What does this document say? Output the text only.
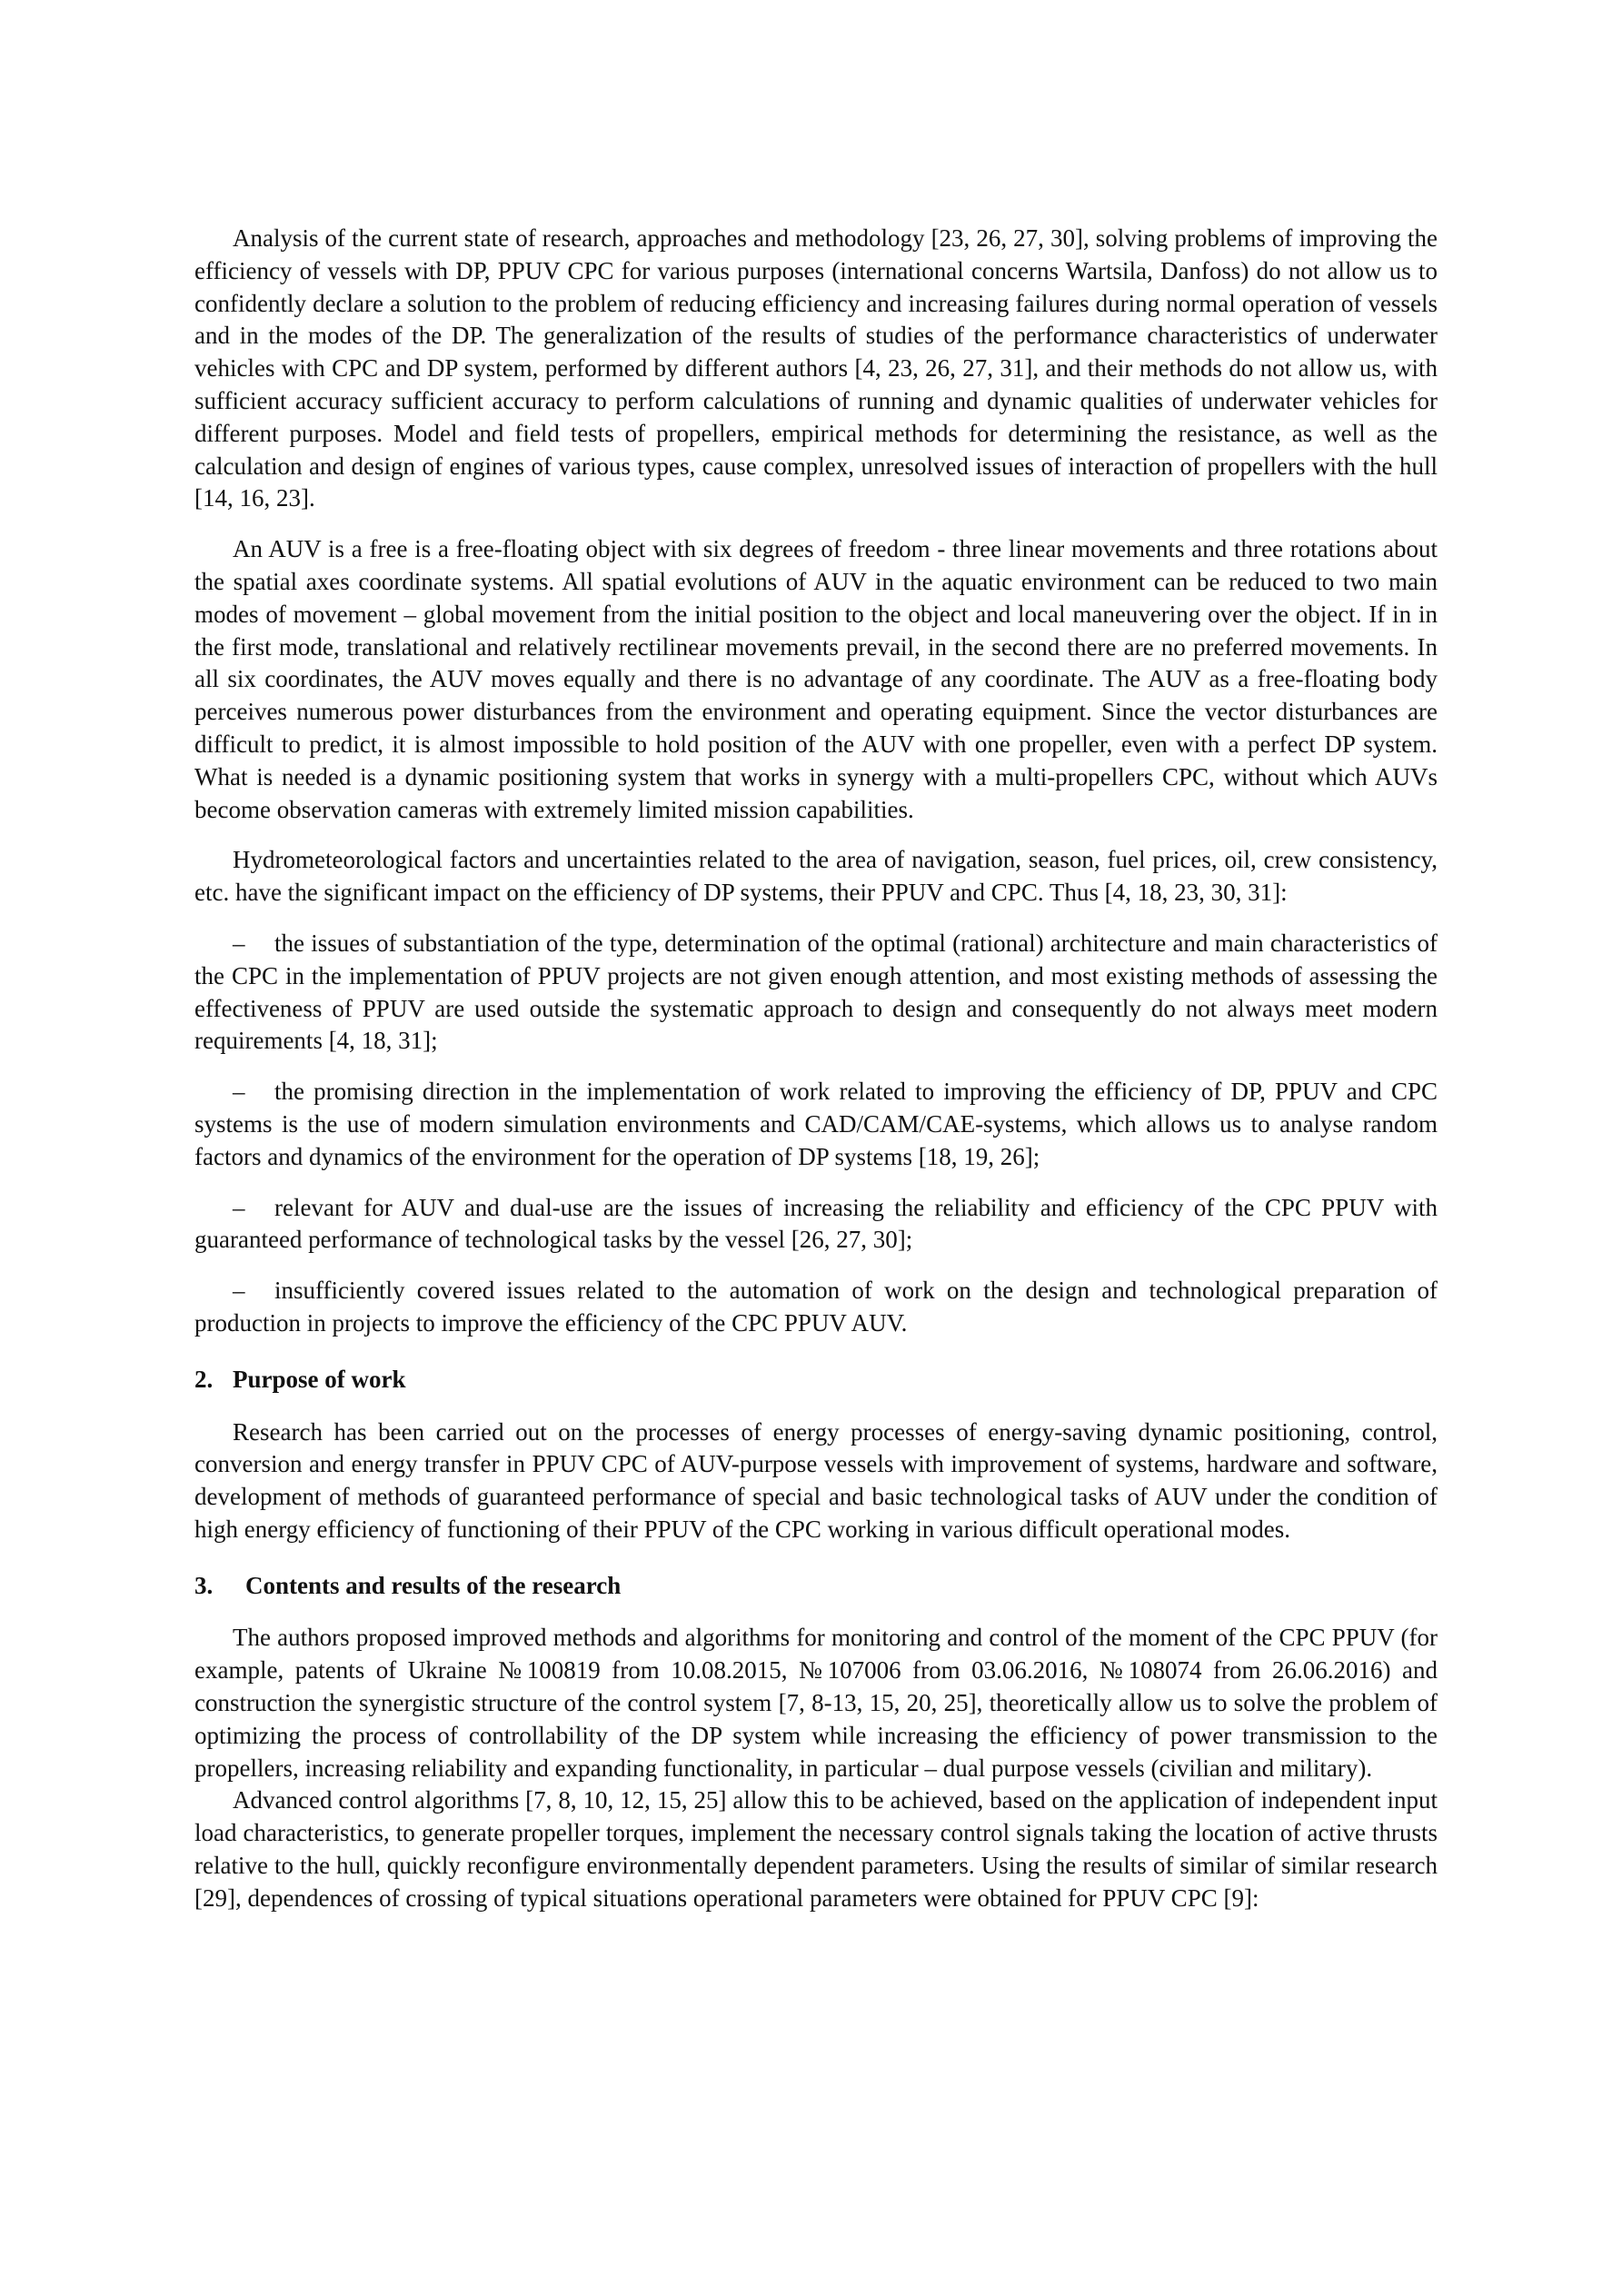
Analysis of the current state of research, approaches and methodology [23, 26, 27, 30], solving problems of improving the efficiency of vessels with DP, PPUV CPC for various purposes (international concerns Wartsila, Danfoss) do not allow us to confidently declare a solution to the problem of reducing efficiency and increasing failures during normal operation of vessels and in the modes of the DP. The generalization of the results of studies of the performance characteristics of underwater vehicles with CPC and DP system, performed by different authors [4, 23, 26, 27, 31], and their methods do not allow us, with sufficient accuracy sufficient accuracy to perform calculations of running and dynamic qualities of underwater vehicles for different purposes. Model and field tests of propellers, empirical methods for determining the resistance, as well as the calculation and design of engines of various types, cause complex, unresolved issues of interaction of propellers with the hull [14, 16, 23].

An AUV is a free is a free-floating object with six degrees of freedom - three linear movements and three rotations about the spatial axes coordinate systems. All spatial evolutions of AUV in the aquatic environment can be reduced to two main modes of movement – global movement from the initial position to the object and local maneuvering over the object. If in in the first mode, translational and relatively rectilinear movements prevail, in the second there are no preferred movements. In all six coordinates, the AUV moves equally and there is no advantage of any coordinate. The AUV as a free-floating body perceives numerous power disturbances from the environment and operating equipment. Since the vector disturbances are difficult to predict, it is almost impossible to hold position of the AUV with one propeller, even with a perfect DP system. What is needed is a dynamic positioning system that works in synergy with a multi-propellers CPC, without which AUVs become observation cameras with extremely limited mission capabilities.

Hydrometeorological factors and uncertainties related to the area of navigation, season, fuel prices, oil, crew consistency, etc. have the significant impact on the efficiency of DP systems, their PPUV and CPC. Thus [4, 18, 23, 30, 31]:

– the issues of substantiation of the type, determination of the optimal (rational) architecture and main characteristics of the CPC in the implementation of PPUV projects are not given enough attention, and most existing methods of assessing the effectiveness of PPUV are used outside the systematic approach to design and consequently do not always meet modern requirements [4, 18, 31];

– the promising direction in the implementation of work related to improving the efficiency of DP, PPUV and CPC systems is the use of modern simulation environments and CAD/CAM/CAE-systems, which allows us to analyse random factors and dynamics of the environment for the operation of DP systems [18, 19, 26];

– relevant for AUV and dual-use are the issues of increasing the reliability and efficiency of the CPC PPUV with guaranteed performance of technological tasks by the vessel [26, 27, 30];

– insufficiently covered issues related to the automation of work on the design and technological preparation of production in projects to improve the efficiency of the CPC PPUV AUV.

2. Purpose of work

Research has been carried out on the processes of energy processes of energy-saving dynamic positioning, control, conversion and energy transfer in PPUV CPC of AUV-purpose vessels with improvement of systems, hardware and software, development of methods of guaranteed performance of special and basic technological tasks of AUV under the condition of high energy efficiency of functioning of their PPUV of the CPC working in various difficult operational modes.

3. Contents and results of the research

The authors proposed improved methods and algorithms for monitoring and control of the moment of the CPC PPUV (for example, patents of Ukraine №100819 from 10.08.2015, №107006 from 03.06.2016, №108074 from 26.06.2016) and construction the synergistic structure of the control system [7, 8-13, 15, 20, 25], theoretically allow us to solve the problem of optimizing the process of controllability of the DP system while increasing the efficiency of power transmission to the propellers, increasing reliability and expanding functionality, in particular – dual purpose vessels (civilian and military).

Advanced control algorithms [7, 8, 10, 12, 15, 25] allow this to be achieved, based on the application of independent input load characteristics, to generate propeller torques, implement the necessary control signals taking the location of active thrusts relative to the hull, quickly reconfigure environmentally dependent parameters. Using the results of similar of similar research [29], dependences of crossing of typical situations operational parameters were obtained for PPUV CPC [9]:
